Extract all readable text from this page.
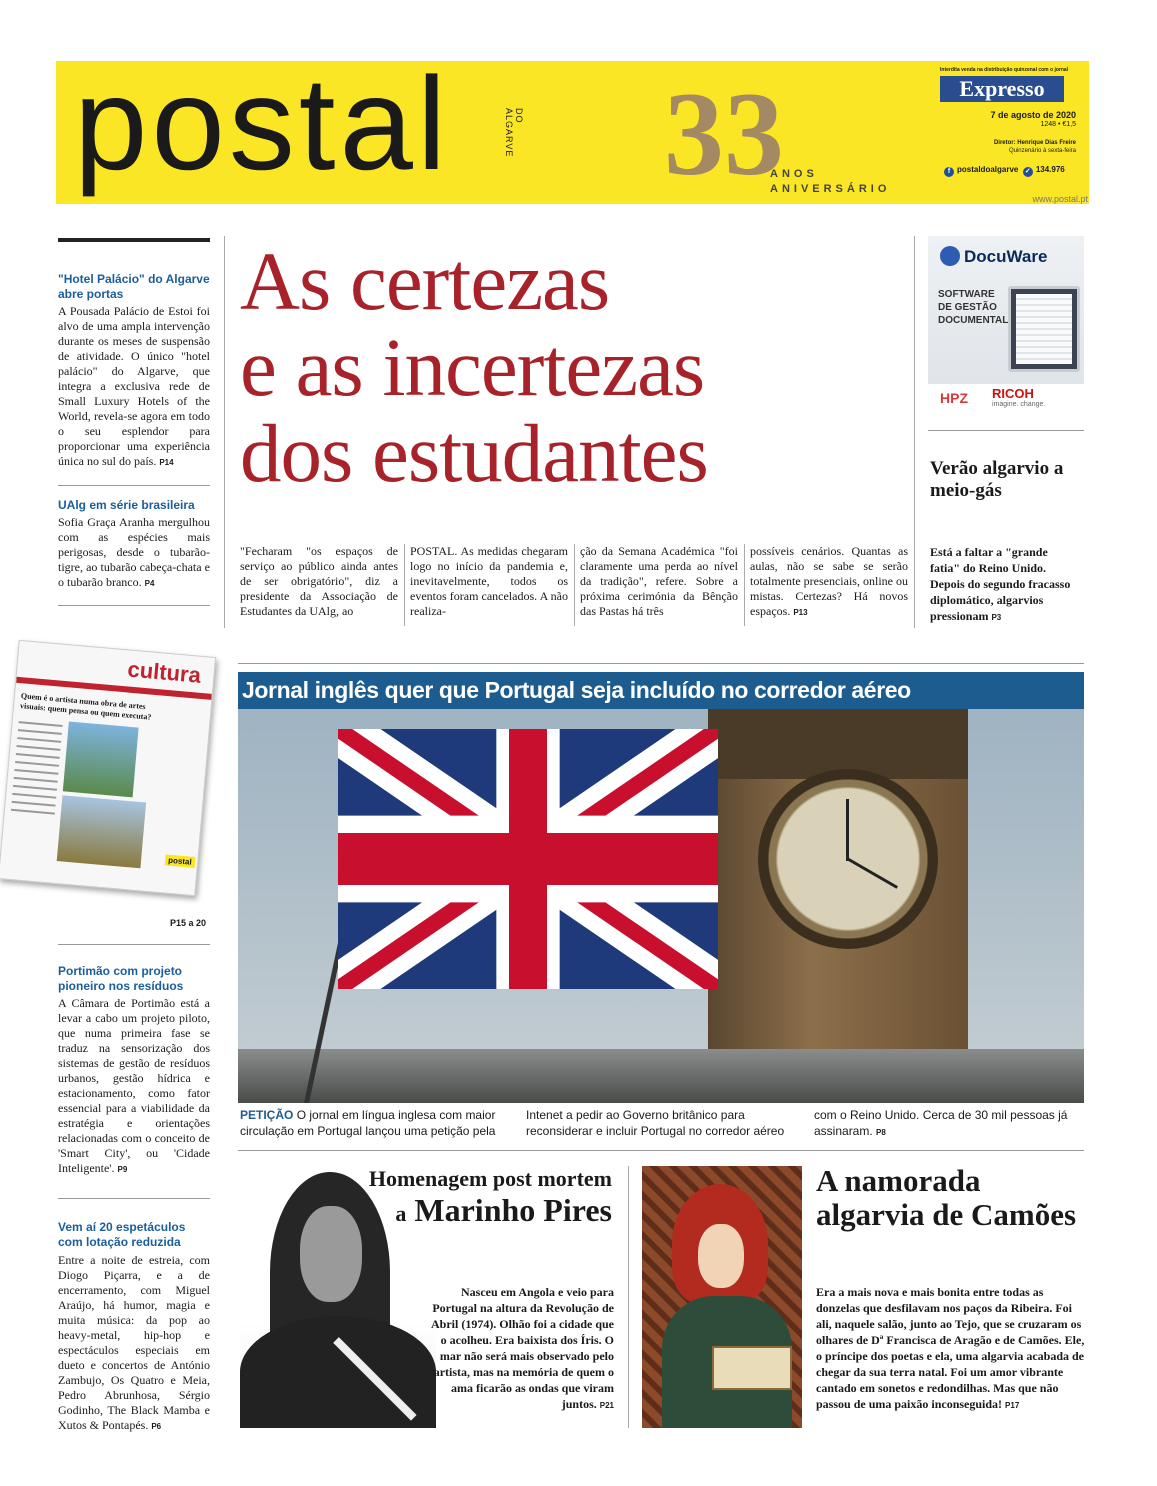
postal	DO ALGARVE 33
ANOS
ANIVERSÁRIO
Interdita venda na distribuição quinzenal com o jornal
Expresso
7 de agosto de 2020
1248 • €1,5
Diretor: Henrique Dias Freire
Quinzenário à sexta-feira
f postaldoalgarve ✓ 134.976
www.postal.pt
"Hotel Palácio" do Algarve abre portas
A Pousada Palácio de Estoi foi alvo de uma ampla intervenção durante os meses de suspensão de atividade. O único "hotel palácio" do Algarve, que integra a exclusiva rede de Small Luxury Hotels of the World, revela-se agora em todo o seu esplendor para proporcionar uma experiência única no sul do país. P14
UAlg em série brasileira
Sofia Graça Aranha mergulhou com as espécies mais perigosas, desde o tubarão-tigre, ao tubarão cabeça-chata e o tubarão branco. P4
cultura
Quem é o artista numa obra de artes visuais: quem pensa ou quem executa?
postal
P15 a 20
Portimão com projeto pioneiro nos resíduos
A Câmara de Portimão está a levar a cabo um projeto piloto, que numa primeira fase se traduz na sensorização dos sistemas de gestão de resíduos urbanos, gestão hídrica e estacionamento, como fator essencial para a viabilidade da estratégia e orientações relacionadas com o conceito de 'Smart City', ou 'Cidade Inteligente'. P9
Vem aí 20 espetáculos com lotação reduzida
Entre a noite de estreia, com Diogo Piçarra, e a de encerramento, com Miguel Araújo, há humor, magia e muita música: da pop ao heavy-metal, hip-hop e espectáculos especiais em dueto e concertos de António Zambujo, Os Quatro e Meia, Pedro Abrunhosa, Sérgio Godinho, The Black Mamba e Xutos & Pontapés. P6
As certezas
e as incertezas
dos estudantes
"Fecharam "os espaços de serviço ao público ainda antes de ser obrigatório", diz a presidente da Associação de Estudantes da UAlg, ao
POSTAL. As medidas chegaram logo no início da pandemia e, inevitavelmente, todos os eventos foram cancelados. A não realiza-
ção da Semana Académica "foi claramente uma perda ao nível da tradição", refere. Sobre a próxima cerimónia da Bênção das Pastas há três
possíveis cenários. Quantas as aulas, não se sabe se serão totalmente presenciais, online ou mistas. Certezas? Há novos espaços. P13
DocuWare
SOFTWARE DE GESTÃO DOCUMENTAL
HPZ RICOH
imagine. change.
Verão algarvio a meio-gás
Está a faltar a "grande fatia" do Reino Unido. Depois do segundo fracasso diplomático, algarvios pressionam P3
Jornal inglês quer que Portugal seja incluído no corredor aéreo
PETIÇÃO O jornal em língua inglesa com maior circulação em Portugal lançou uma petição pela
Intenet a pedir ao Governo britânico para reconsiderar e incluir Portugal no corredor aéreo
com o Reino Unido. Cerca de 30 mil pessoas já assinaram. P8
Homenagem post mortem
a Marinho Pires
Nasceu em Angola e veio para Portugal na altura da Revolução de Abril (1974). Olhão foi a cidade que o acolheu. Era baixista dos Íris. O mar não será mais observado pelo artista, mas na memória de quem o ama ficarão as ondas que viram juntos. P21
A namorada algarvia de Camões
Era a mais nova e mais bonita entre todas as donzelas que desfilavam nos paços da Ribeira. Foi ali, naquele salão, junto ao Tejo, que se cruzaram os olhares de Dª Francisca de Aragão e de Camões. Ele, o príncipe dos poetas e ela, uma algarvia acabada de chegar da sua terra natal. Foi um amor vibrante cantado em sonetos e redondilhas. Mas que não passou de uma paixão inconseguida! P17
